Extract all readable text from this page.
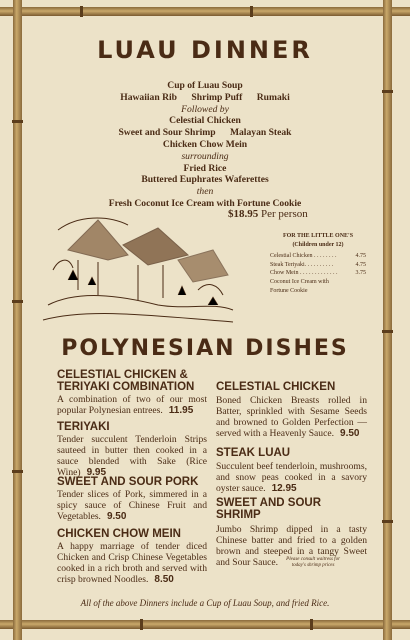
LUAU DINNER
Cup of Luau Soup
Hawaiian Rib      Shrimp Puff      Rumaki
Followed by
Celestial Chicken
Sweet and Sour Shrimp      Malayan Steak
Chicken Chow Mein
surrounding
Fried Rice
Buttered Euphrates Waferettes
then
Fresh Coconut Ice Cream with Fortune Cookie
$18.95 Per person
FOR THE LITTLE ONE'S
(Children under 12)
Celestial Chicken . . . . . . . .	4.75
Steak Teriyaki. . . . . . . . . .	4.75
Chow Mein . . . . . . . . . . . . .	3.75
Coconut Ice Cream with
Fortune Cookie
POLYNESIAN DISHES
CELESTIAL CHICKEN & TERIYAKI COMBINATION
A combination of two of our most popular Polynesian entrees. 11.95
TERIYAKI
Tender succulent Tenderloin Strips sauteed in butter then cooked in a sauce blended with Sake (Rice Wine) 9.95
SWEET AND SOUR PORK
Tender slices of Pork, simmered in a spicy sauce of Chinese Fruit and Vegetables. 9.50
CHICKEN CHOW MEIN
A happy marriage of tender diced Chicken and Crisp Chinese Vegetables cooked in a rich broth and served with crisp browned Noodles. 8.50
CELESTIAL CHICKEN
Boned Chicken Breasts rolled in Batter, sprinkled with Sesame Seeds and browned to Golden Perfection — served with a Heavenly Sauce. 9.50
STEAK LUAU
Succulent beef tenderloin, mushrooms, and snow peas cooked in a savory oyster sauce. 12.95
SWEET AND SOUR SHRIMP
Jumbo Shrimp dipped in a tasty Chinese batter and fried to a golden brown and steeped in a tangy Sweet and Sour Sauce. Please consult waitress for today's shrimp prices
All of the above Dinners include a Cup of Luau Soup, and fried Rice.
